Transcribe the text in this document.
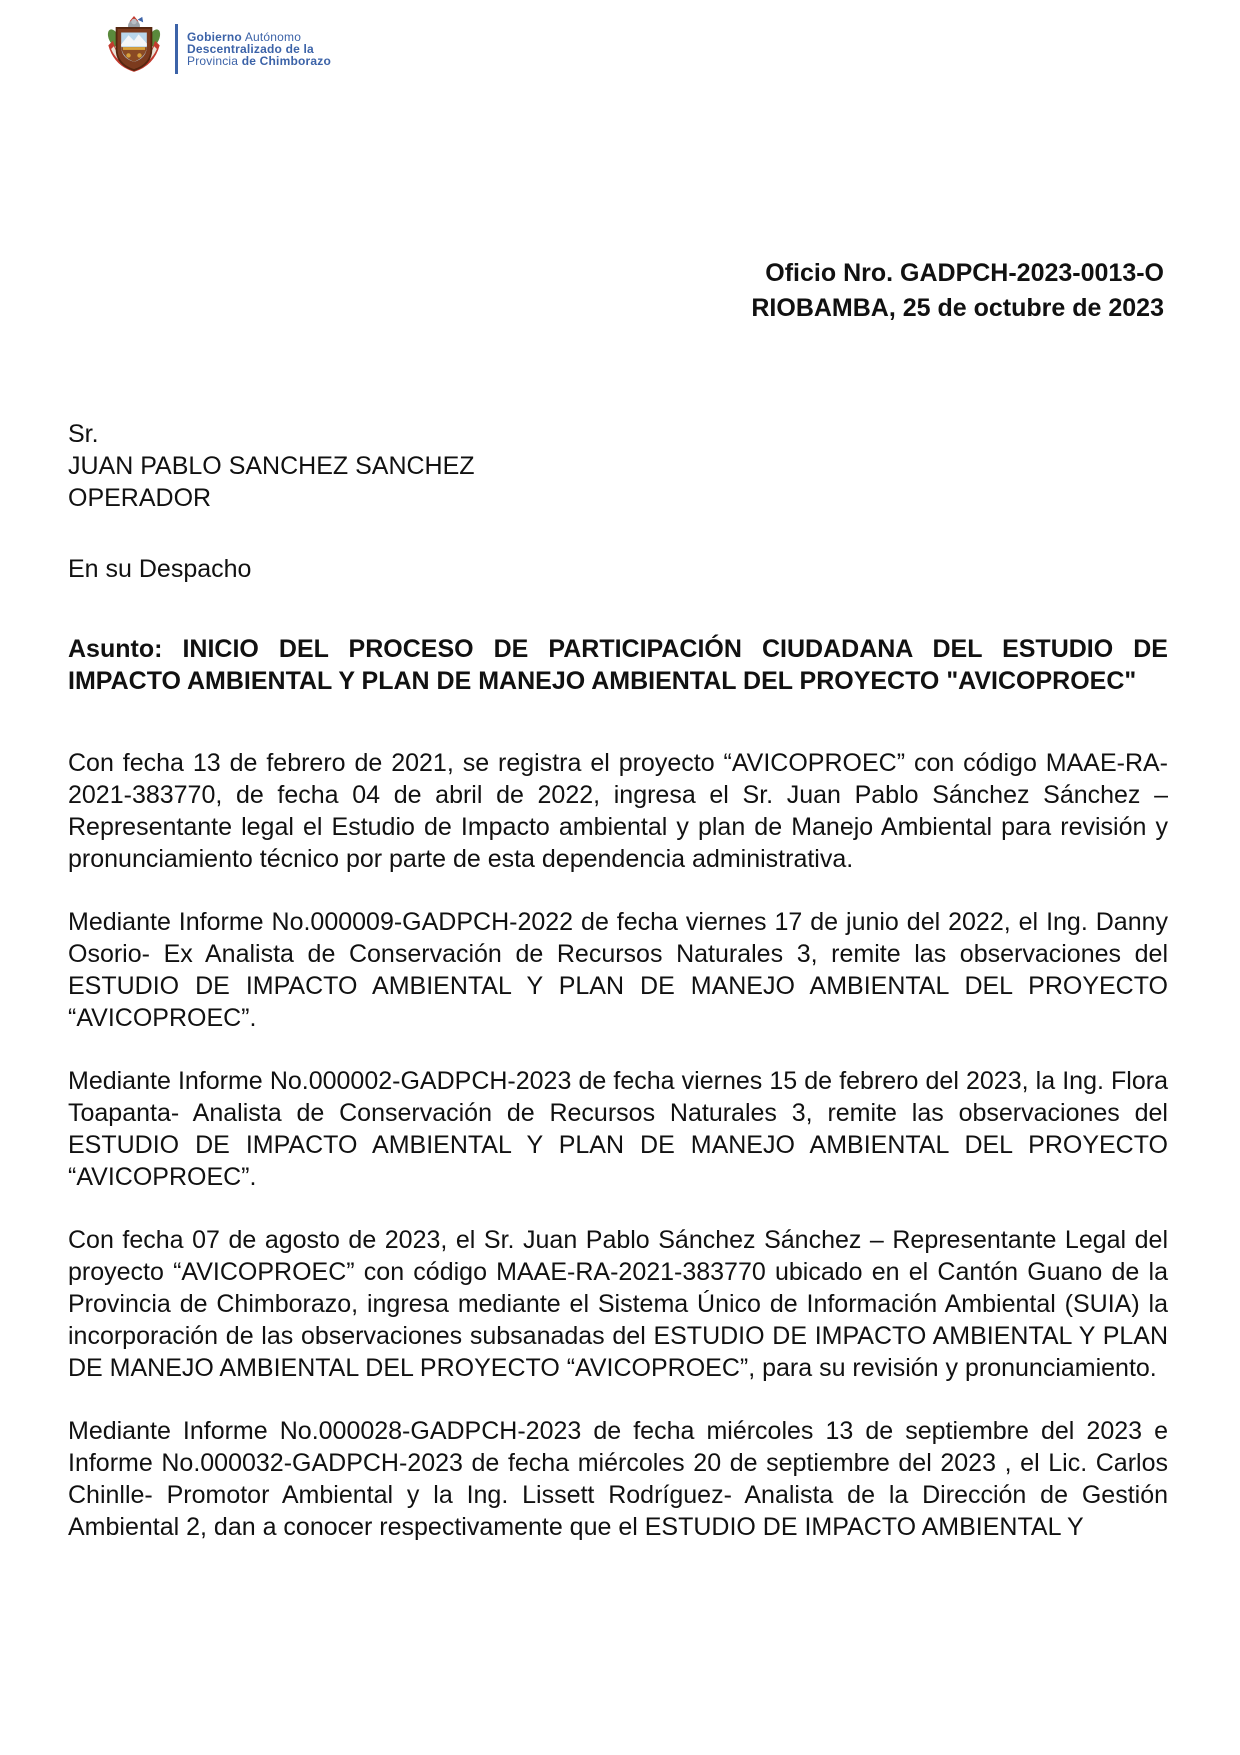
Gobierno Autónomo
Descentralizado de la
Provincia de Chimborazo
Oficio Nro. GADPCH-2023-0013-O
RIOBAMBA, 25 de octubre de 2023
Sr.
JUAN PABLO SANCHEZ SANCHEZ
OPERADOR
En su Despacho
Asunto: INICIO DEL PROCESO DE PARTICIPACIÓN CIUDADANA DEL ESTUDIO DE IMPACTO AMBIENTAL Y PLAN DE MANEJO AMBIENTAL DEL PROYECTO "AVICOPROEC"

Con fecha 13 de febrero de 2021, se registra el proyecto “AVICOPROEC” con código MAAE-RA-2021-383770, de fecha 04 de abril de 2022, ingresa el Sr. Juan Pablo Sánchez Sánchez – Representante legal el Estudio de Impacto ambiental y plan de Manejo Ambiental para revisión y pronunciamiento técnico por parte de esta dependencia administrativa.

Mediante Informe No.000009-GADPCH-2022 de fecha viernes 17 de junio del 2022, el Ing. Danny Osorio- Ex Analista de Conservación de Recursos Naturales 3, remite las observaciones del ESTUDIO DE IMPACTO AMBIENTAL Y PLAN DE MANEJO AMBIENTAL DEL PROYECTO “AVICOPROEC”.

Mediante Informe No.000002-GADPCH-2023 de fecha viernes 15 de febrero del 2023, la Ing. Flora Toapanta- Analista de Conservación de Recursos Naturales 3, remite las observaciones del ESTUDIO DE IMPACTO AMBIENTAL Y PLAN DE MANEJO AMBIENTAL DEL PROYECTO “AVICOPROEC”.

Con fecha 07 de agosto de 2023, el Sr. Juan Pablo Sánchez Sánchez – Representante Legal del proyecto “AVICOPROEC” con código MAAE-RA-2021-383770 ubicado en el Cantón Guano de la Provincia de Chimborazo, ingresa mediante el Sistema Único de Información Ambiental (SUIA) la incorporación de las observaciones subsanadas del ESTUDIO DE IMPACTO AMBIENTAL Y PLAN DE MANEJO AMBIENTAL DEL PROYECTO “AVICOPROEC”, para su revisión y pronunciamiento.

Mediante Informe No.000028-GADPCH-2023 de fecha miércoles 13 de septiembre del 2023 e Informe No.000032-GADPCH-2023 de fecha miércoles 20 de septiembre del 2023 , el Lic. Carlos Chinlle- Promotor Ambiental y la Ing. Lissett Rodríguez- Analista de la Dirección de Gestión Ambiental 2, dan a conocer respectivamente que el ESTUDIO DE IMPACTO AMBIENTAL Y
